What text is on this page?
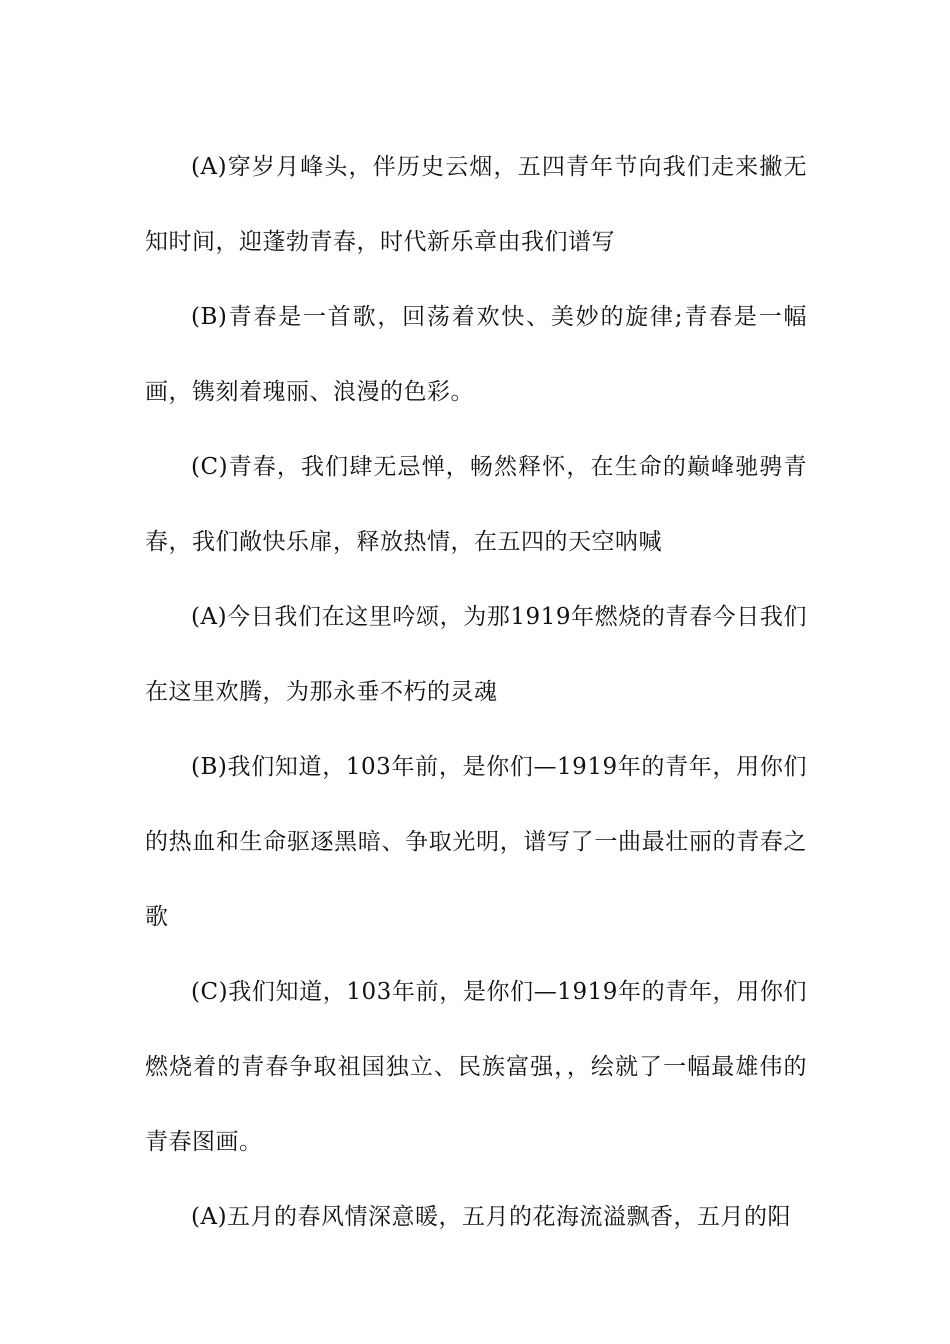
(A)穿岁月峰头，伴历史云烟，五四青年节向我们走来撇无知时间，迎蓬勃青春，时代新乐章由我们谱写

(B)青春是一首歌，回荡着欢快、美妙的旋律;青春是一幅画，镌刻着瑰丽、浪漫的色彩。

(C)青春，我们肆无忌惮，畅然释怀，在生命的巅峰驰骋青春，我们敞快乐扉，释放热情，在五四的天空呐喊

(A)今日我们在这里吟颂，为那1919年燃烧的青春今日我们在这里欢腾，为那永垂不朽的灵魂

(B)我们知道，103年前，是你们—1919年的青年，用你们的热血和生命驱逐黑暗、争取光明，谱写了一曲最壮丽的青春之歌

(C)我们知道，103年前，是你们—1919年的青年，用你们燃烧着的青春争取祖国独立、民族富强，，绘就了一幅最雄伟的青春图画。

(A)五月的春风情深意暖，五月的花海流溢飘香，五月的阳
